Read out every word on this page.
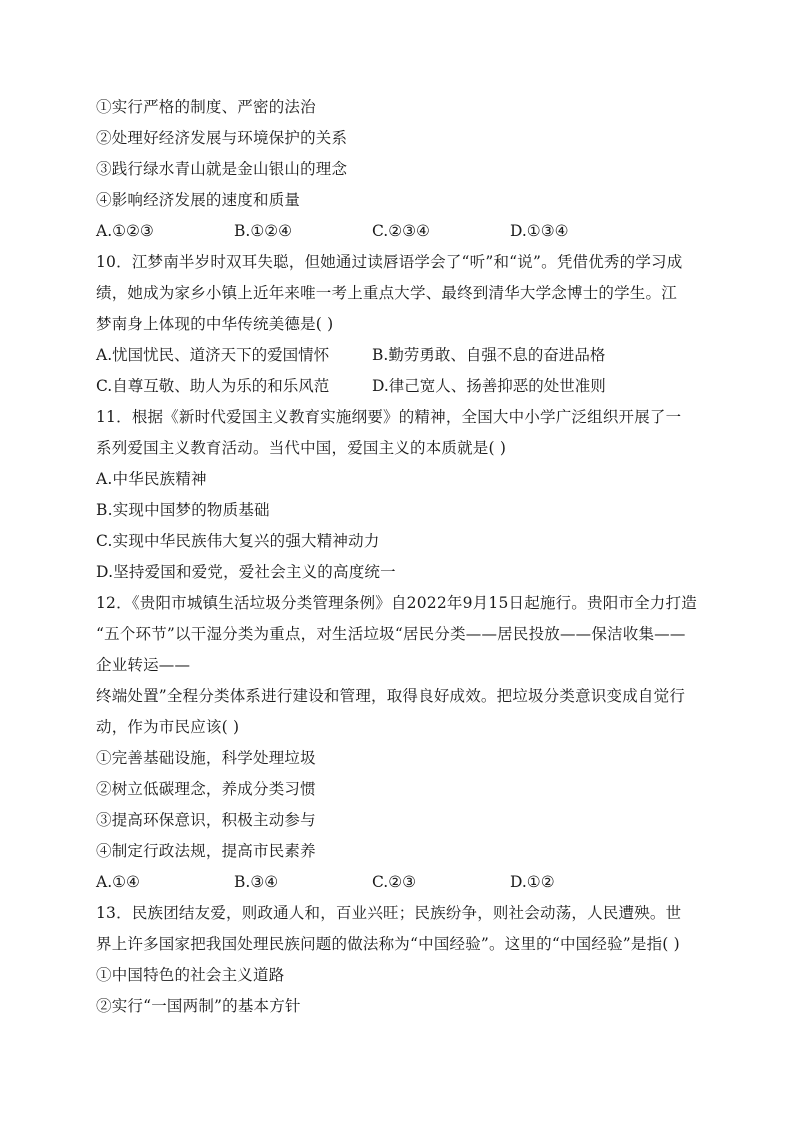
①实行严格的制度、严密的法治
②处理好经济发展与环境保护的关系
③践行绿水青山就是金山银山的理念
④影响经济发展的速度和质量
A.①②③	B.①②④	C.②③④	D.①③④
10．江梦南半岁时双耳失聪，但她通过读唇语学会了“听”和“说”。凭借优秀的学习成
绩，她成为家乡小镇上近年来唯一考上重点大学、最终到清华大学念博士的学生。江
梦南身上体现的中华传统美德是( )
A.忧国忧民、道济天下的爱国情怀	B.勤劳勇敢、自强不息的奋进品格
C.自尊互敬、助人为乐的和乐风范	D.律己宽人、扬善抑恶的处世准则
11．根据《新时代爱国主义教育实施纲要》的精神，全国大中小学广泛组织开展了一
系列爱国主义教育活动。当代中国，爱国主义的本质就是( )
A.中华民族精神
B.实现中国梦的物质基础
C.实现中华民族伟大复兴的强大精神动力
D.坚持爱国和爱党，爱社会主义的高度统一
12．《贵阳市城镇生活垃圾分类管理条例》自2022年9月15日起施行。贵阳市全力打造
“五个环节”以干湿分类为重点，对生活垃圾“居民分类——居民投放——保洁收集——
企业转运——
终端处置”全程分类体系进行建设和管理，取得良好成效。把垃圾分类意识变成自觉行
动，作为市民应该( )
①完善基础设施，科学处理垃圾
②树立低碳理念，养成分类习惯
③提高环保意识，积极主动参与
④制定行政法规，提高市民素养
A.①④	B.③④	C.②③	D.①②
13．民族团结友爱，则政通人和，百业兴旺；民族纷争，则社会动荡，人民遭殃。世
界上许多国家把我国处理民族问题的做法称为“中国经验”。这里的“中国经验”是指( )
①中国特色的社会主义道路
②实行“一国两制”的基本方针
